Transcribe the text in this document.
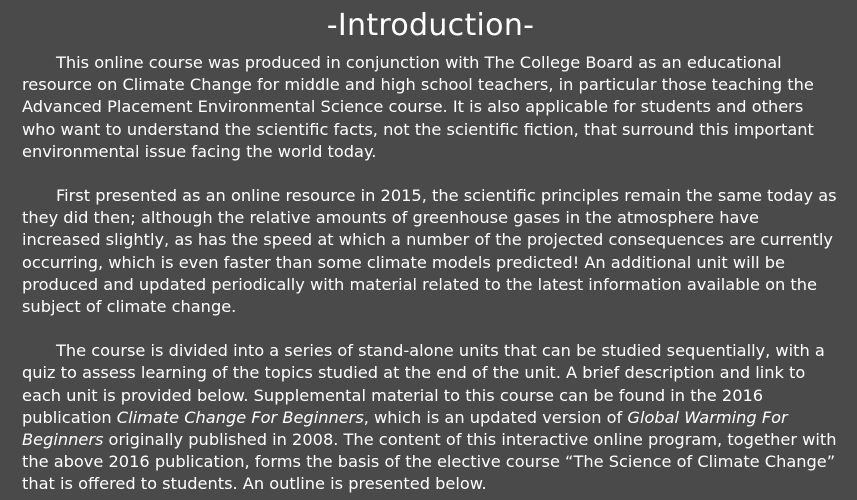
-Introduction-

This online course was produced in conjunction with The College Board as an educational resource on Climate Change for middle and high school teachers, in particular those teaching the Advanced Placement Environmental Science course. It is also applicable for students and others who want to understand the scientific facts, not the scientific fiction, that surround this important environmental issue facing the world today.

First presented as an online resource in 2015, the scientific principles remain the same today as they did then; although the relative amounts of greenhouse gases in the atmosphere have increased slightly, as has the speed at which a number of the projected consequences are currently occurring, which is even faster than some climate models predicted! An additional unit will be produced and updated periodically with material related to the latest information available on the subject of climate change.

The course is divided into a series of stand-alone units that can be studied sequentially, with a quiz to assess learning of the topics studied at the end of the unit. A brief description and link to each unit is provided below. Supplemental material to this course can be found in the 2016 publication Climate Change For Beginners, which is an updated version of Global Warming For Beginners originally published in 2008. The content of this interactive online program, together with the above 2016 publication, forms the basis of the elective course “The Science of Climate Change” that is offered to students. An outline is presented below.
